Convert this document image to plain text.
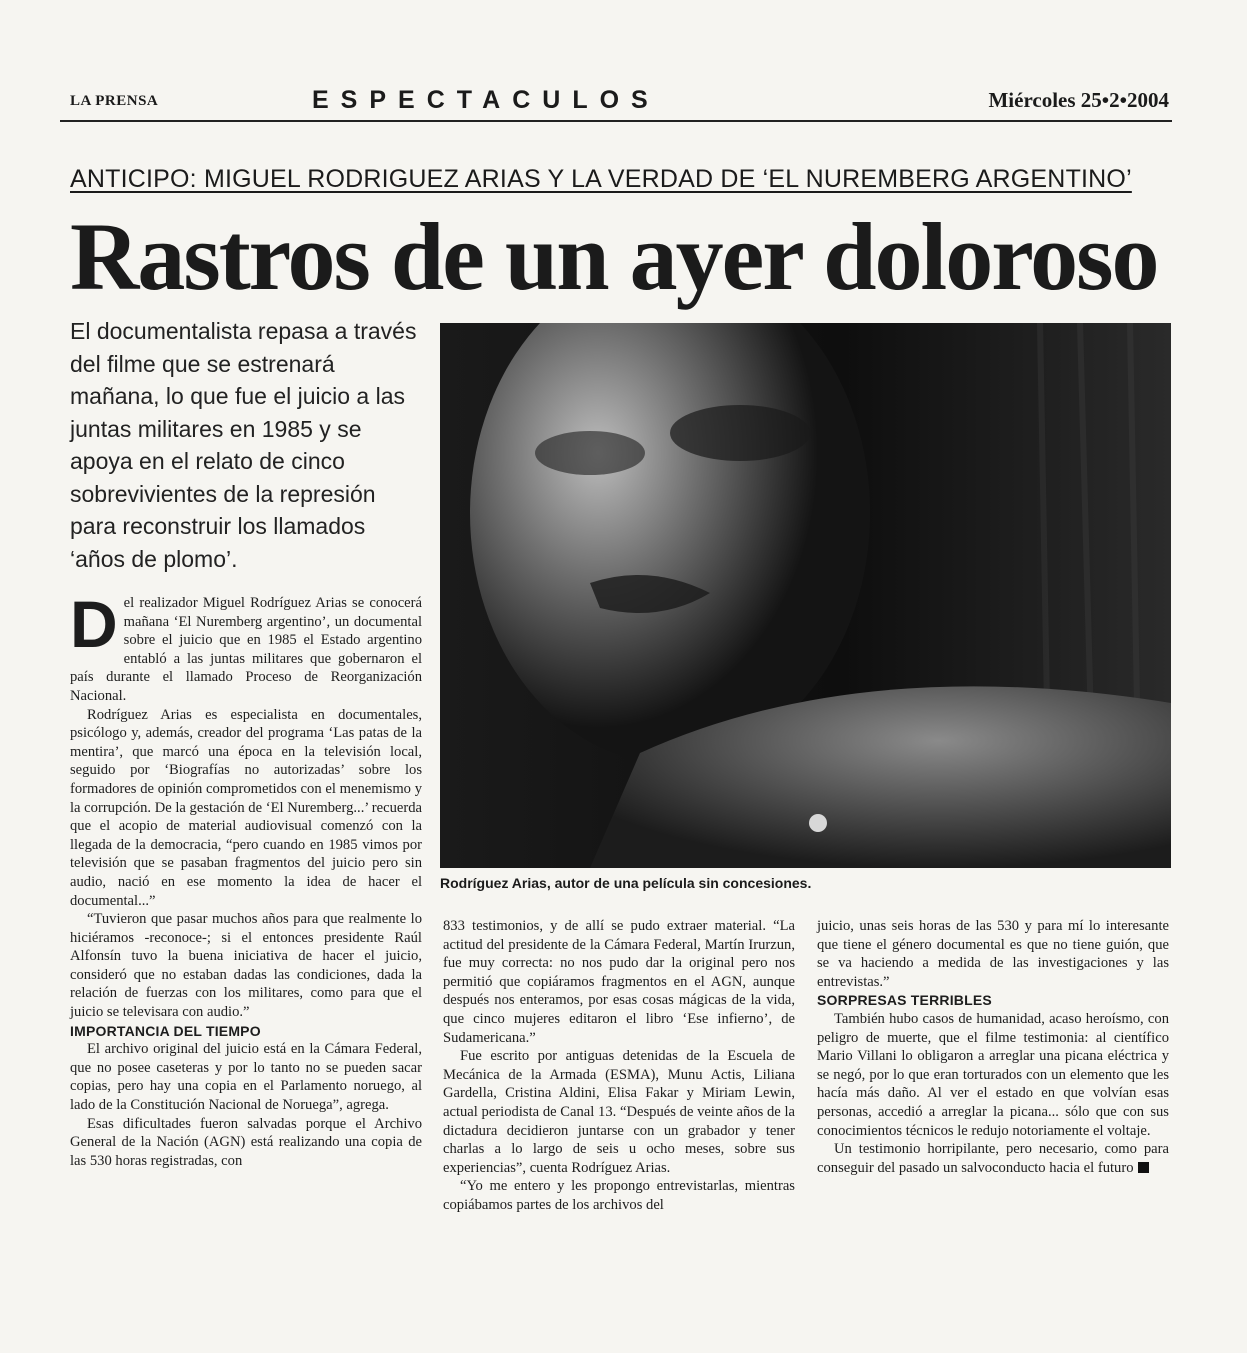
LA PRENSA	ESPECTACULOS	Miércoles 25•2•2004
ANTICIPO: MIGUEL RODRIGUEZ ARIAS Y LA VERDAD DE ‘EL NUREMBERG ARGENTINO’
Rastros de un ayer doloroso
El documentalista repasa a través del filme que se estrenará mañana, lo que fue el juicio a las juntas militares en 1985 y se apoya en el relato de cinco sobrevivientes de la represión para reconstruir los llamados ‘años de plomo’.
Rodríguez Arias, autor de una película sin concesiones.

Del realizador Miguel Rodríguez Arias se conocerá mañana ‘El Nuremberg argentino’, un documental sobre el juicio que en 1985 el Estado argentino entabló a las juntas militares que gobernaron el país durante el llamado Proceso de Reorganización Nacional.

Rodríguez Arias es especialista en documentales, psicólogo y, además, creador del programa ‘Las patas de la mentira’, que marcó una época en la televisión local, seguido por ‘Biografías no autorizadas’ sobre los formadores de opinión comprometidos con el menemismo y la corrupción. De la gestación de ‘El Nuremberg...’ recuerda que el acopio de material audiovisual comenzó con la llegada de la democracia, “pero cuando en 1985 vimos por televisión que se pasaban fragmentos del juicio pero sin audio, nació en ese momento la idea de hacer el documental...”

“Tuvieron que pasar muchos años para que realmente lo hiciéramos -reconoce-; si el entonces presidente Raúl Alfonsín tuvo la buena iniciativa de hacer el juicio, consideró que no estaban dadas las condiciones, dada la relación de fuerzas con los militares, como para que el juicio se televisara con audio.”

IMPORTANCIA DEL TIEMPO

El archivo original del juicio está en la Cámara Federal, que no posee caseteras y por lo tanto no se pueden sacar copias, pero hay una copia en el Parlamento noruego, al lado de la Constitución Nacional de Noruega”, agrega.

Esas dificultades fueron salvadas porque el Archivo General de la Nación (AGN) está realizando una copia de las 530 horas registradas, con

833 testimonios, y de allí se pudo extraer material. “La actitud del presidente de la Cámara Federal, Martín Irurzun, fue muy correcta: no nos pudo dar la original pero nos permitió que copiáramos fragmentos en el AGN, aunque después nos enteramos, por esas cosas mágicas de la vida, que cinco mujeres editaron el libro ‘Ese infierno’, de Sudamericana.”

Fue escrito por antiguas detenidas de la Escuela de Mecánica de la Armada (ESMA), Munu Actis, Liliana Gardella, Cristina Aldini, Elisa Fakar y Miriam Lewin, actual periodista de Canal 13. “Después de veinte años de la dictadura decidieron juntarse con un grabador y tener charlas a lo largo de seis u ocho meses, sobre sus experiencias”, cuenta Rodríguez Arias.

“Yo me entero y les propongo entrevistarlas, mientras copiábamos partes de los archivos del

juicio, unas seis horas de las 530 y para mí lo interesante que tiene el género documental es que no tiene guión, que se va haciendo a medida de las investigaciones y las entrevistas.”

SORPRESAS TERRIBLES

También hubo casos de humanidad, acaso heroísmo, con peligro de muerte, que el filme testimonia: al científico Mario Villani lo obligaron a arreglar una picana eléctrica y se negó, por lo que eran torturados con un elemento que les hacía más daño. Al ver el estado en que volvían esas personas, accedió a arreglar la picana... sólo que con sus conocimientos técnicos le redujo notoriamente el voltaje.

Un testimonio horripilante, pero necesario, como para conseguir del pasado un salvoconducto hacia el futuro
